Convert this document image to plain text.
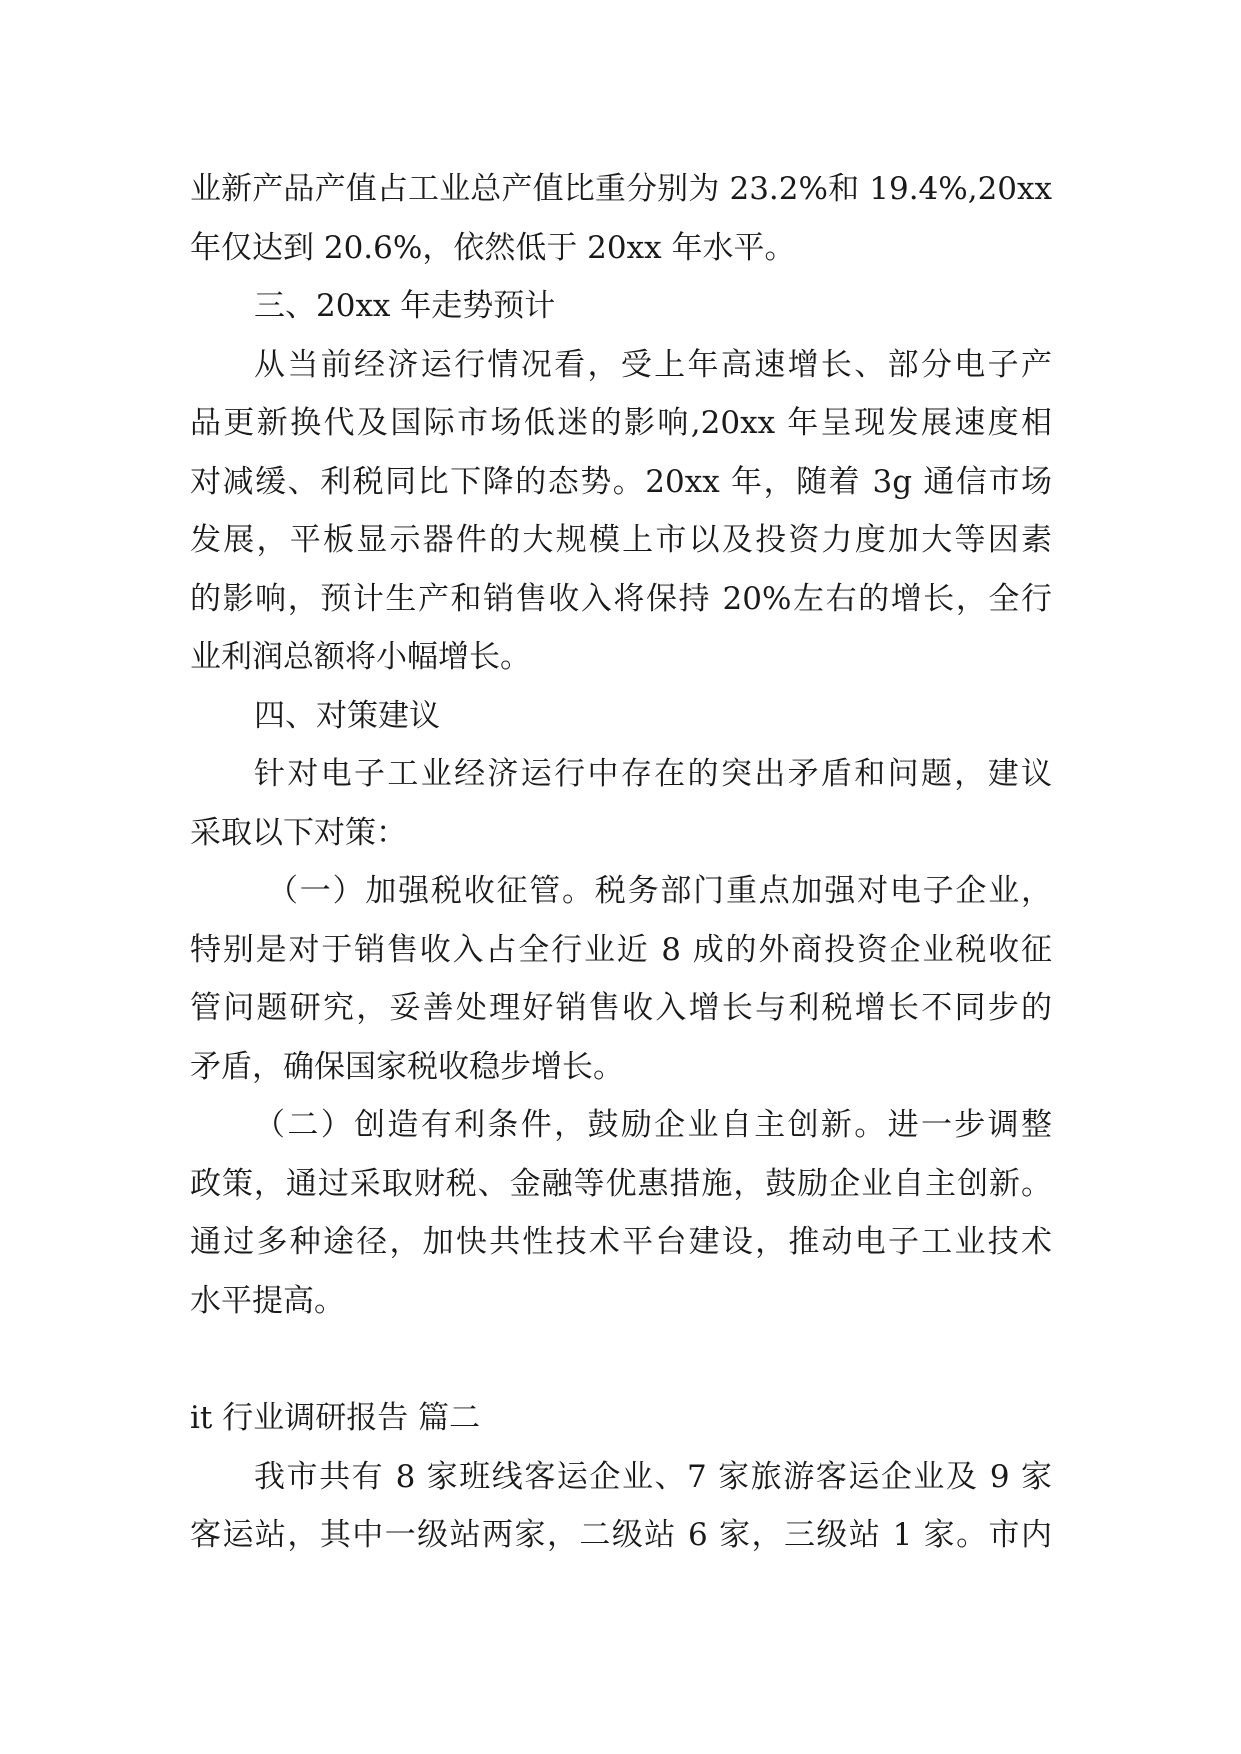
业新产品产值占工业总产值比重分别为 23.2%和 19.4%,20xx
年仅达到 20.6%，依然低于 20xx 年水平。
三、20xx 年走势预计
从当前经济运行情况看，受上年高速增长、部分电子产
品更新换代及国际市场低迷的影响,20xx 年呈现发展速度相
对减缓、利税同比下降的态势。20xx 年，随着 3g 通信市场
发展，平板显示器件的大规模上市以及投资力度加大等因素
的影响，预计生产和销售收入将保持 20%左右的增长，全行
业利润总额将小幅增长。
四、对策建议
针对电子工业经济运行中存在的突出矛盾和问题，建议
采取以下对策：
（一）加强税收征管。税务部门重点加强对电子企业，
特别是对于销售收入占全行业近 8 成的外商投资企业税收征
管问题研究，妥善处理好销售收入增长与利税增长不同步的
矛盾，确保国家税收稳步增长。
（二）创造有利条件，鼓励企业自主创新。进一步调整
政策，通过采取财税、金融等优惠措施，鼓励企业自主创新。
通过多种途径，加快共性技术平台建设，推动电子工业技术
水平提高。
it 行业调研报告 篇二
我市共有 8 家班线客运企业、7 家旅游客运企业及 9 家
客运站，其中一级站两家，二级站 6 家，三级站 1 家。市内
